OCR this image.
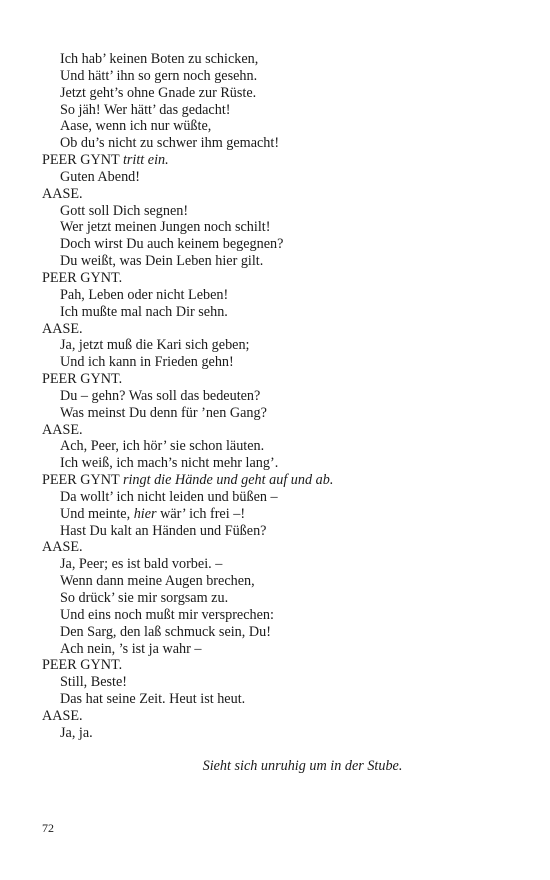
Ich hab’ keinen Boten zu schicken,
Und hätt’ ihn so gern noch gesehn.
Jetzt geht’s ohne Gnade zur Rüste.
So jäh! Wer hätt’ das gedacht!
Aase, wenn ich nur wüßte,
Ob du’s nicht zu schwer ihm gemacht!
PEER GYNT tritt ein.
Guten Abend!
AASE.
Gott soll Dich segnen!
Wer jetzt meinen Jungen noch schilt!
Doch wirst Du auch keinem begegnen?
Du weißt, was Dein Leben hier gilt.
PEER GYNT.
Pah, Leben oder nicht Leben!
Ich mußte mal nach Dir sehn.
AASE.
Ja, jetzt muß die Kari sich geben;
Und ich kann in Frieden gehn!
PEER GYNT.
Du – gehn? Was soll das bedeuten?
Was meinst Du denn für ’nen Gang?
AASE.
Ach, Peer, ich hör’ sie schon läuten.
Ich weiß, ich mach’s nicht mehr lang’.
PEER GYNT ringt die Hände und geht auf und ab.
Da wollt’ ich nicht leiden und büßen –
Und meinte, hier wär’ ich frei –!
Hast Du kalt an Händen und Füßen?
AASE.
Ja, Peer; es ist bald vorbei. –
Wenn dann meine Augen brechen,
So drück’ sie mir sorgsam zu.
Und eins noch mußt mir versprechen:
Den Sarg, den laß schmuck sein, Du!
Ach nein, ’s ist ja wahr –
PEER GYNT.
Still, Beste!
Das hat seine Zeit. Heut ist heut.
AASE.
Ja, ja.
Sieht sich unruhig um in der Stube.
72
